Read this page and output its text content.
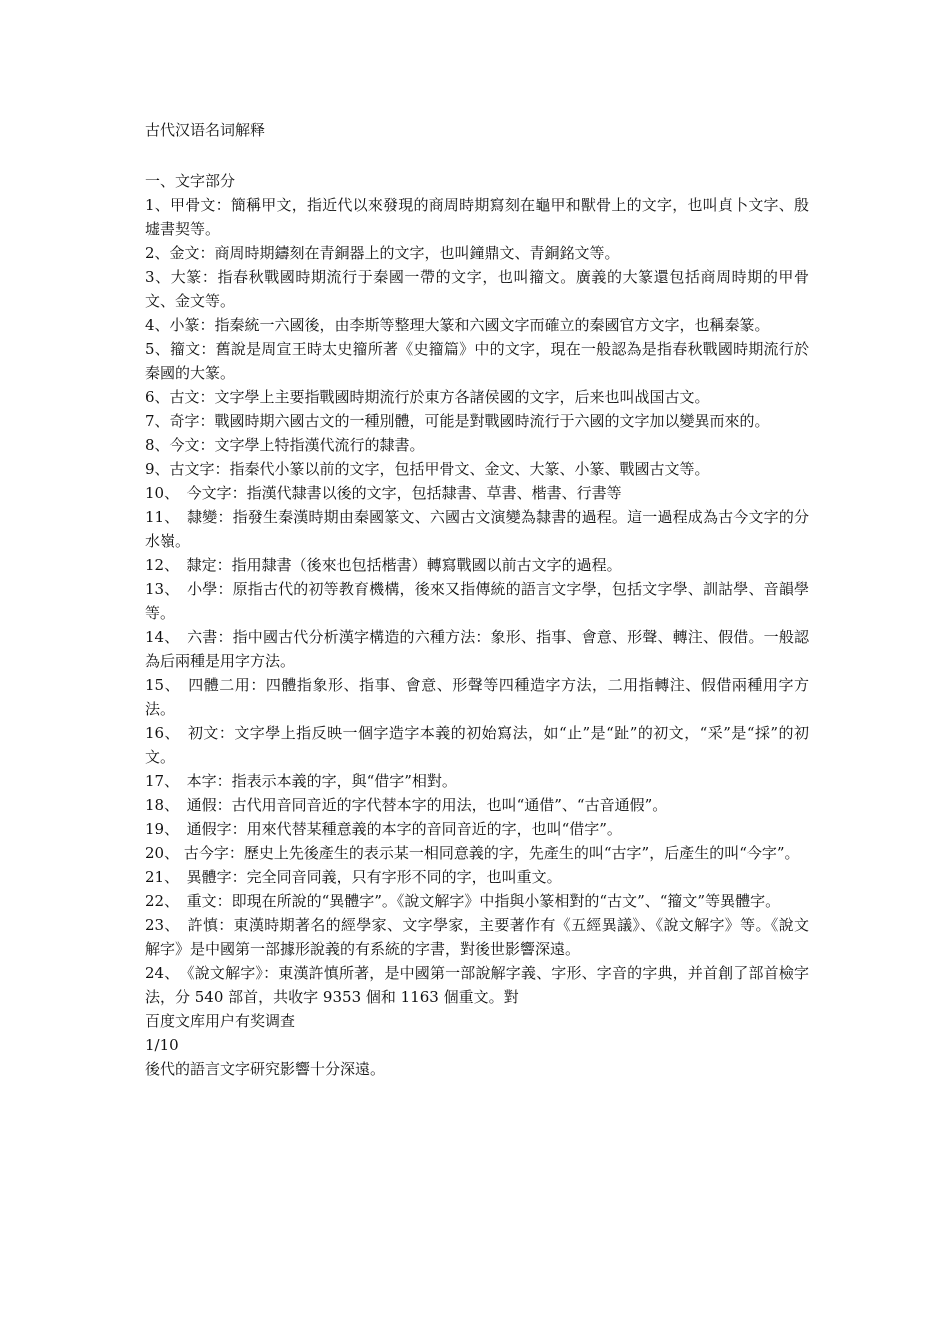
古代汉语名词解释

一、文字部分

1、甲骨文：簡稱甲文，指近代以來發現的商周時期寫刻在龜甲和獸骨上的文字，也叫貞卜文字、殷墟書契等。

2、金文：商周時期鑄刻在青銅器上的文字，也叫鐘鼎文、青銅銘文等。

3、大篆：指春秋戰國時期流行于秦國一帶的文字，也叫籀文。廣義的大篆還包括商周時期的甲骨文、金文等。

4、小篆：指秦統一六國後，由李斯等整理大篆和六國文字而確立的秦國官方文字，也稱秦篆。

5、籀文：舊說是周宣王時太史籀所著《史籀篇》中的文字，現在一般認為是指春秋戰國時期流行於秦國的大篆。

6、古文：文字學上主要指戰國時期流行於東方各諸侯國的文字，后来也叫战国古文。

7、奇字：戰國時期六國古文的一種別體，可能是對戰國時流行于六國的文字加以變異而來的。

8、今文：文字學上特指漢代流行的隸書。

9、古文字：指秦代小篆以前的文字，包括甲骨文、金文、大篆、小篆、戰國古文等。

10、　今文字：指漢代隸書以後的文字，包括隸書、草書、楷書、行書等

11、　隸變：指發生秦漢時期由秦國篆文、六國古文演變為隸書的過程。這一過程成為古今文字的分水嶺。

12、　隸定：指用隸書（後來也包括楷書）轉寫戰國以前古文字的過程。

13、　小學：原指古代的初等教育機構，後來又指傳統的語言文字學，包括文字學、訓詁學、音韻學等。

14、　六書：指中國古代分析漢字構造的六種方法：象形、指事、會意、形聲、轉注、假借。一般認為后兩種是用字方法。

15、　四體二用：四體指象形、指事、會意、形聲等四種造字方法，二用指轉注、假借兩種用字方法。

16、　初文：文字學上指反映一個字造字本義的初始寫法，如“止”是“趾”的初文，“采”是“採”的初文。

17、　本字：指表示本義的字，與“借字”相對。

18、　通假：古代用音同音近的字代替本字的用法，也叫“通借”、“古音通假”。

19、　通假字：用來代替某種意義的本字的音同音近的字，也叫“借字”。

20、 古今字：歷史上先後產生的表示某一相同意義的字，先產生的叫“古字”，后產生的叫“今字”。

21、　異體字：完全同音同義，只有字形不同的字，也叫重文。

22、　重文：即現在所說的“異體字”。《說文解字》中指與小篆相對的“古文”、“籀文”等異體字。

23、　許慎：東漢時期著名的經學家、文字學家，主要著作有《五經異議》、《說文解字》等。《說文解字》是中國第一部據形說義的有系統的字書，對後世影響深遠。

24、　《說文解字》：東漢許慎所著，是中國第一部說解字義、字形、字音的字典，并首創了部首檢字法，分 540 部首，共收字 9353 個和 1163 個重文。對

百度文库用户有奖调查

1/10

後代的語言文字研究影響十分深遠。
